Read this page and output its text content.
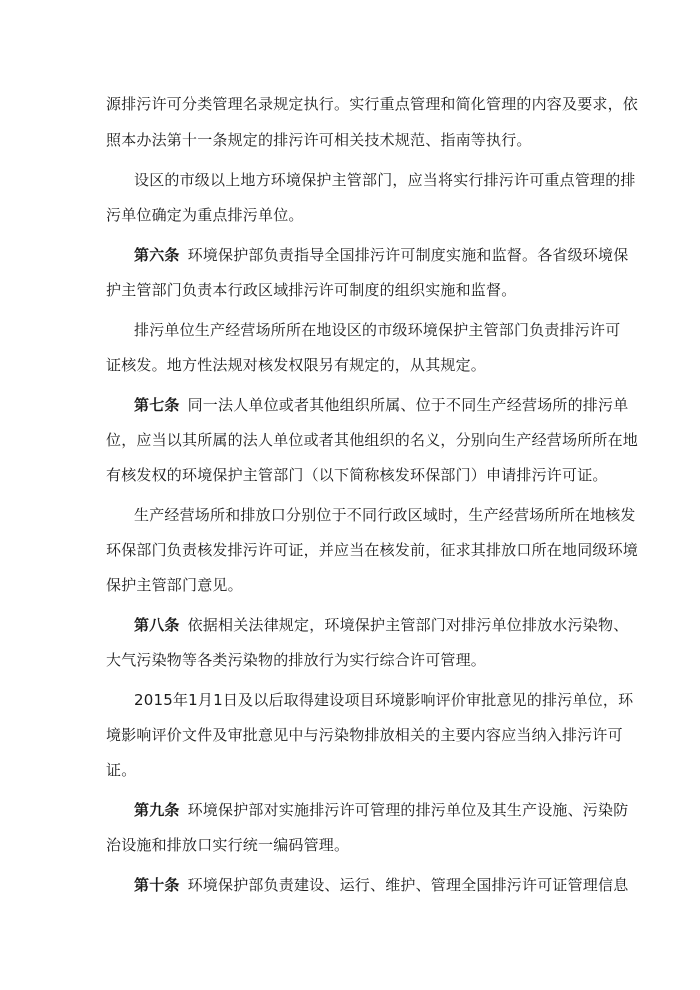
源排污许可分类管理名录规定执行。实行重点管理和简化管理的内容及要求，依
照本办法第十一条规定的排污许可相关技术规范、指南等执行。
设区的市级以上地方环境保护主管部门，应当将实行排污许可重点管理的排
污单位确定为重点排污单位。
第六条 环境保护部负责指导全国排污许可制度实施和监督。各省级环境保
护主管部门负责本行政区域排污许可制度的组织实施和监督。
排污单位生产经营场所所在地设区的市级环境保护主管部门负责排污许可
证核发。地方性法规对核发权限另有规定的，从其规定。
第七条 同一法人单位或者其他组织所属、位于不同生产经营场所的排污单
位，应当以其所属的法人单位或者其他组织的名义，分别向生产经营场所所在地
有核发权的环境保护主管部门（以下简称核发环保部门）申请排污许可证。
生产经营场所和排放口分别位于不同行政区域时，生产经营场所所在地核发
环保部门负责核发排污许可证，并应当在核发前，征求其排放口所在地同级环境
保护主管部门意见。
第八条 依据相关法律规定，环境保护主管部门对排污单位排放水污染物、
大气污染物等各类污染物的排放行为实行综合许可管理。
2015年1月1日及以后取得建设项目环境影响评价审批意见的排污单位，环
境影响评价文件及审批意见中与污染物排放相关的主要内容应当纳入排污许可
证。
第九条 环境保护部对实施排污许可管理的排污单位及其生产设施、污染防
治设施和排放口实行统一编码管理。
第十条 环境保护部负责建设、运行、维护、管理全国排污许可证管理信息
